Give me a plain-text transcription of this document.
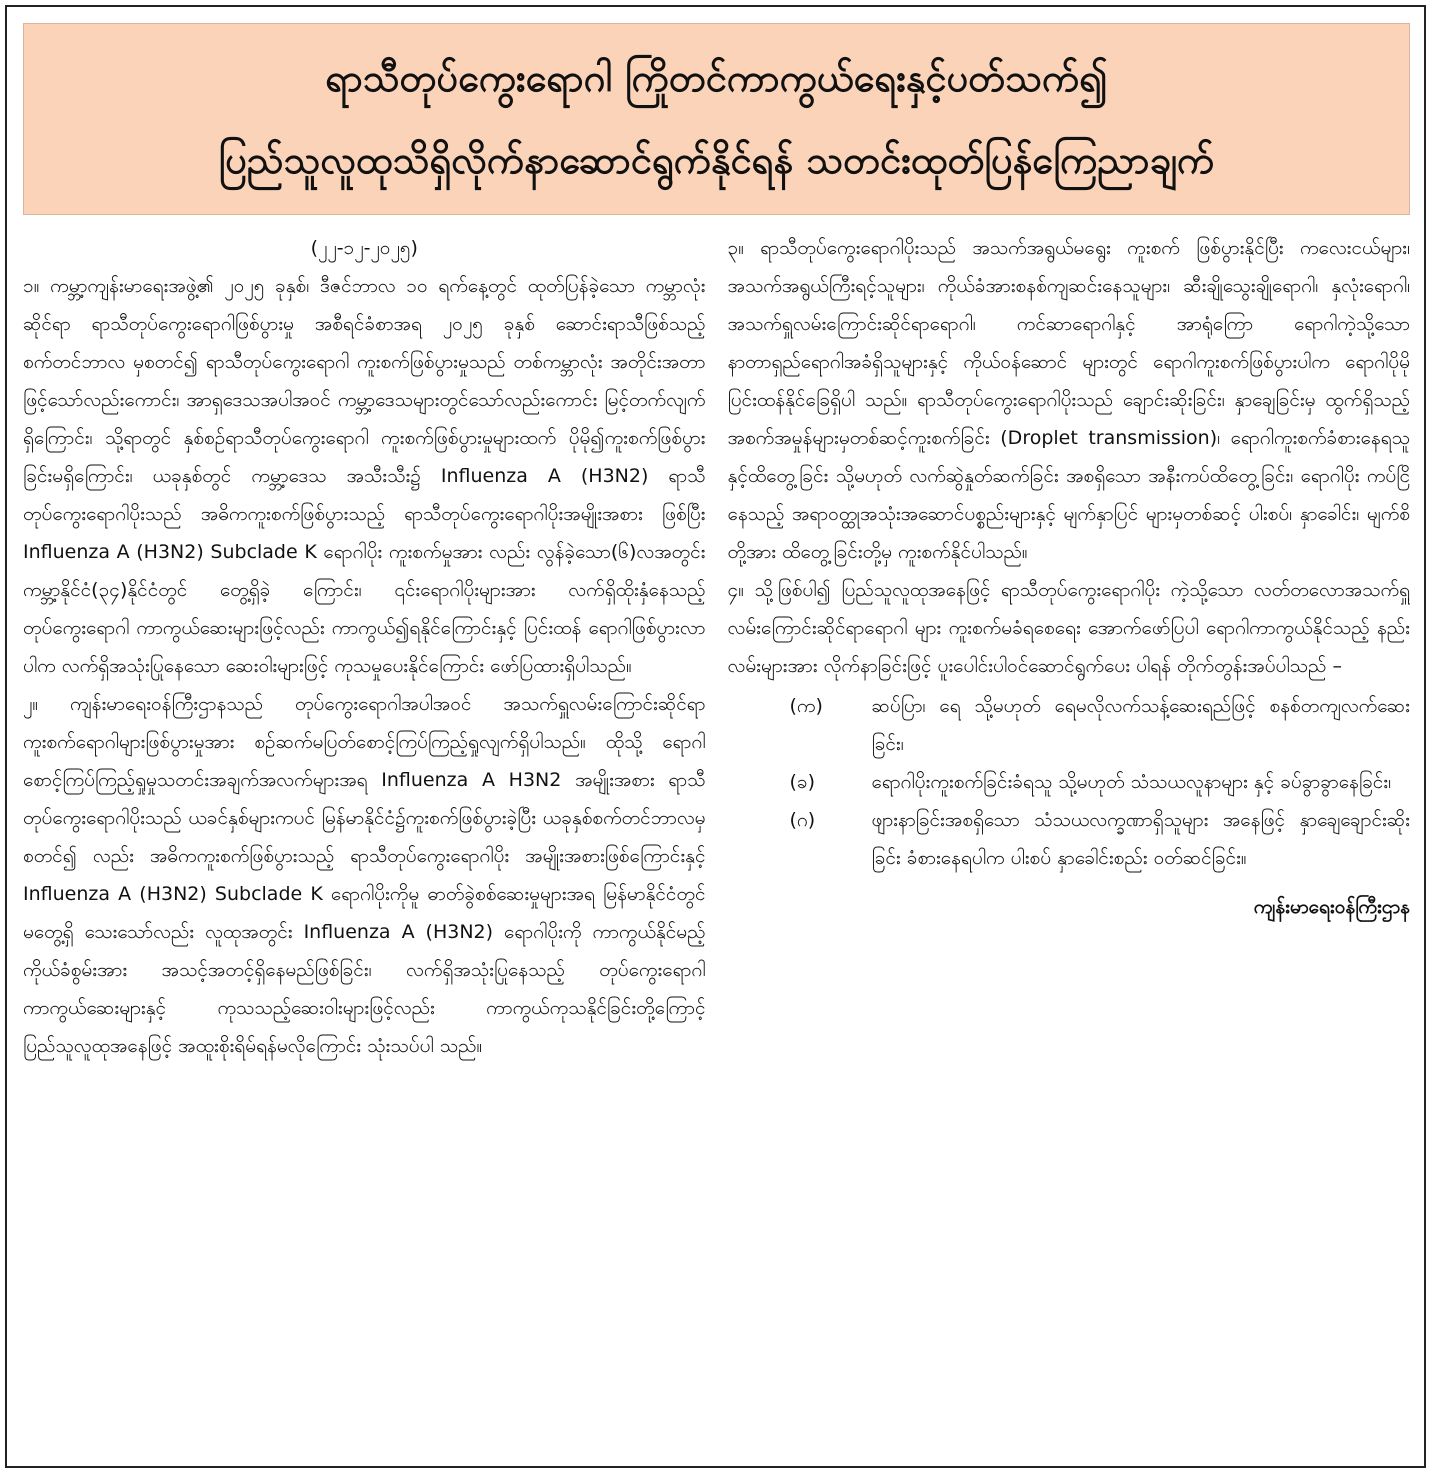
ရာသီတုပ်ကွေးရောဂါ ကြိုတင်ကာကွယ်ရေးနှင့်ပတ်သက်၍
ပြည်သူလူထုသိရှိလိုက်နာဆောင်ရွက်နိုင်ရန် သတင်းထုတ်ပြန်ကြေညာချက်
(၂၂-၁၂-၂၀၂၅)

၁။ ကမ္ဘာ့ကျန်းမာရေးအဖွဲ့၏ ၂၀၂၅ ခုနှစ်၊ ဒီဇင်ဘာလ ၁၀ ရက်နေ့တွင် ထုတ်ပြန်ခဲ့သော ကမ္ဘာလုံးဆိုင်ရာ ရာသီတုပ်ကွေးရောဂါဖြစ်ပွားမှု အစီရင်ခံစာအရ ၂၀၂၅ ခုနှစ် ဆောင်းရာသီဖြစ်သည့် စက်တင်ဘာလ မှစတင်၍ ရာသီတုပ်ကွေးရောဂါ ကူးစက်ဖြစ်ပွားမှုသည် တစ်ကမ္ဘာလုံး အတိုင်းအတာဖြင့်သော်လည်းကောင်း၊ အာရှဒေသအပါအဝင် ကမ္ဘာ့ဒေသများတွင်သော်လည်းကောင်း မြင့်တက်လျက်ရှိကြောင်း၊ သို့ရာတွင် နှစ်စဉ်ရာသီတုပ်ကွေးရောဂါ ကူးစက်ဖြစ်ပွားမှုများထက် ပိုမို၍ကူးစက်ဖြစ်ပွားခြင်းမရှိကြောင်း၊ ယခုနှစ်တွင် ကမ္ဘာ့ဒေသ အသီးသီး၌ Influenza A (H3N2) ရာသီတုပ်ကွေးရောဂါပိုးသည် အဓိကကူးစက်ဖြစ်ပွားသည့် ရာသီတုပ်ကွေးရောဂါပိုးအမျိုးအစား ဖြစ်ပြီး Influenza A (H3N2) Subclade K ရောဂါပိုး ကူးစက်မှုအား လည်း လွန်ခဲ့သော(၆)လအတွင်း ကမ္ဘာ့နိုင်ငံ(၃၄)နိုင်ငံတွင် တွေ့ရှိခဲ့ ကြောင်း၊ ၎င်းရောဂါပိုးများအား လက်ရှိထိုးနှံနေသည့် တုပ်ကွေးရောဂါ ကာကွယ်ဆေးများဖြင့်လည်း ကာကွယ်၍ရနိုင်ကြောင်းနှင့် ပြင်းထန် ရောဂါဖြစ်ပွားလာပါက လက်ရှိအသုံးပြုနေသော ဆေးဝါးများဖြင့် ကုသမှုပေးနိုင်ကြောင်း ဖော်ပြထားရှိပါသည်။

၂။ ကျန်းမာရေးဝန်ကြီးဌာနသည် တုပ်ကွေးရောဂါအပါအဝင် အသက်ရှူလမ်းကြောင်းဆိုင်ရာ ကူးစက်ရောဂါများဖြစ်ပွားမှုအား စဉ်ဆက်မပြတ်စောင့်ကြပ်ကြည့်ရှုလျက်ရှိပါသည်။ ထိုသို့ ရောဂါ စောင့်ကြပ်ကြည့်ရှုမှုသတင်းအချက်အလက်များအရ Influenza A H3N2 အမျိုးအစား ရာသီတုပ်ကွေးရောဂါပိုးသည် ယခင်နှစ်များကပင် မြန်မာနိုင်ငံ၌ကူးစက်ဖြစ်ပွားခဲ့ပြီး ယခုနှစ်စက်တင်ဘာလမှစတင်၍ လည်း အဓိကကူးစက်ဖြစ်ပွားသည့် ရာသီတုပ်ကွေးရောဂါပိုး အမျိုးအစားဖြစ်ကြောင်းနှင့် Influenza A (H3N2) Subclade K ရောဂါပိုးကိုမူ ဓာတ်ခွဲစစ်ဆေးမှုများအရ မြန်မာနိုင်ငံတွင် မတွေ့ရှိ သေးသော်လည်း လူထုအတွင်း Influenza A (H3N2) ရောဂါပိုးကို ကာကွယ်နိုင်မည့် ကိုယ်ခံစွမ်းအား အသင့်အတင့်ရှိနေမည်ဖြစ်ခြင်း၊ လက်ရှိအသုံးပြုနေသည့် တုပ်ကွေးရောဂါကာကွယ်ဆေးများနှင့် ကုသသည့်ဆေးဝါးများဖြင့်လည်း ကာကွယ်ကုသနိုင်ခြင်းတို့ကြောင့် ပြည်သူလူထုအနေဖြင့် အထူးစိုးရိမ်ရန်မလိုကြောင်း သုံးသပ်ပါ သည်။

၃။ ရာသီတုပ်ကွေးရောဂါပိုးသည် အသက်အရွယ်မရွေး ကူးစက် ဖြစ်ပွားနိုင်ပြီး ကလေးငယ်များ၊ အသက်အရွယ်ကြီးရင့်သူများ၊ ကိုယ်ခံအားစနစ်ကျဆင်းနေသူများ၊ ဆီးချိုသွေးချိုရောဂါ၊ နှလုံးရောဂါ၊ အသက်ရှူလမ်းကြောင်းဆိုင်ရာရောဂါ၊ ကင်ဆာရောဂါနှင့် အာရုံကြော ရောဂါကဲ့သို့သော နာတာရှည်ရောဂါအခံရှိသူများနှင့် ကိုယ်ဝန်ဆောင် များတွင် ရောဂါကူးစက်ဖြစ်ပွားပါက ရောဂါပိုမိုပြင်းထန်နိုင်ခြေရှိပါ သည်။ ရာသီတုပ်ကွေးရောဂါပိုးသည် ချောင်းဆိုးခြင်း၊ နှာချေခြင်းမှ ထွက်ရှိသည့် အစက်အမှုန်များမှတစ်ဆင့်ကူးစက်ခြင်း (Droplet transmission)၊ ရောဂါကူးစက်ခံစားနေရသူနှင့်ထိတွေ့ခြင်း သို့မဟုတ် လက်ဆွဲနှုတ်ဆက်ခြင်း အစရှိသော အနီးကပ်ထိတွေ့ခြင်း၊ ရောဂါပိုး ကပ်ငြိနေသည့် အရာဝတ္ထုအသုံးအဆောင်ပစ္စည်းများနှင့် မျက်နှာပြင် များမှတစ်ဆင့် ပါးစပ်၊ နှာခေါင်း၊ မျက်စိတို့အား ထိတွေ့ခြင်းတို့မှ ကူးစက်နိုင်ပါသည်။

၄။ သို့ဖြစ်ပါ၍ ပြည်သူလူထုအနေဖြင့် ရာသီတုပ်ကွေးရောဂါပိုး ကဲ့သို့သော လတ်တလောအသက်ရှူလမ်းကြောင်းဆိုင်ရာရောဂါ များ ကူးစက်မခံရစေရေး အောက်ဖော်ပြပါ ရောဂါကာကွယ်နိုင်သည့် နည်းလမ်းများအား လိုက်နာခြင်းဖြင့် ပူးပေါင်းပါဝင်ဆောင်ရွက်ပေး ပါရန် တိုက်တွန်းအပ်ပါသည် –

(က)	ဆပ်ပြာ၊ ရေ သို့မဟုတ် ရေမလိုလက်သန့်ဆေးရည်ဖြင့် စနစ်တကျလက်ဆေးခြင်း၊
(ခ)	ရောဂါပိုးကူးစက်ခြင်းခံရသူ သို့မဟုတ် သံသယလူနာများ နှင့် ခပ်ခွာခွာနေခြင်း၊
(ဂ)	ဖျားနာခြင်းအစရှိသော သံသယလက္ခဏာရှိသူများ အနေဖြင့် နှာချေချောင်းဆိုးခြင်း ခံစားနေရပါက ပါးစပ် နှာခေါင်းစည်း ဝတ်ဆင်ခြင်း။
ကျန်းမာရေးဝန်ကြီးဌာန
